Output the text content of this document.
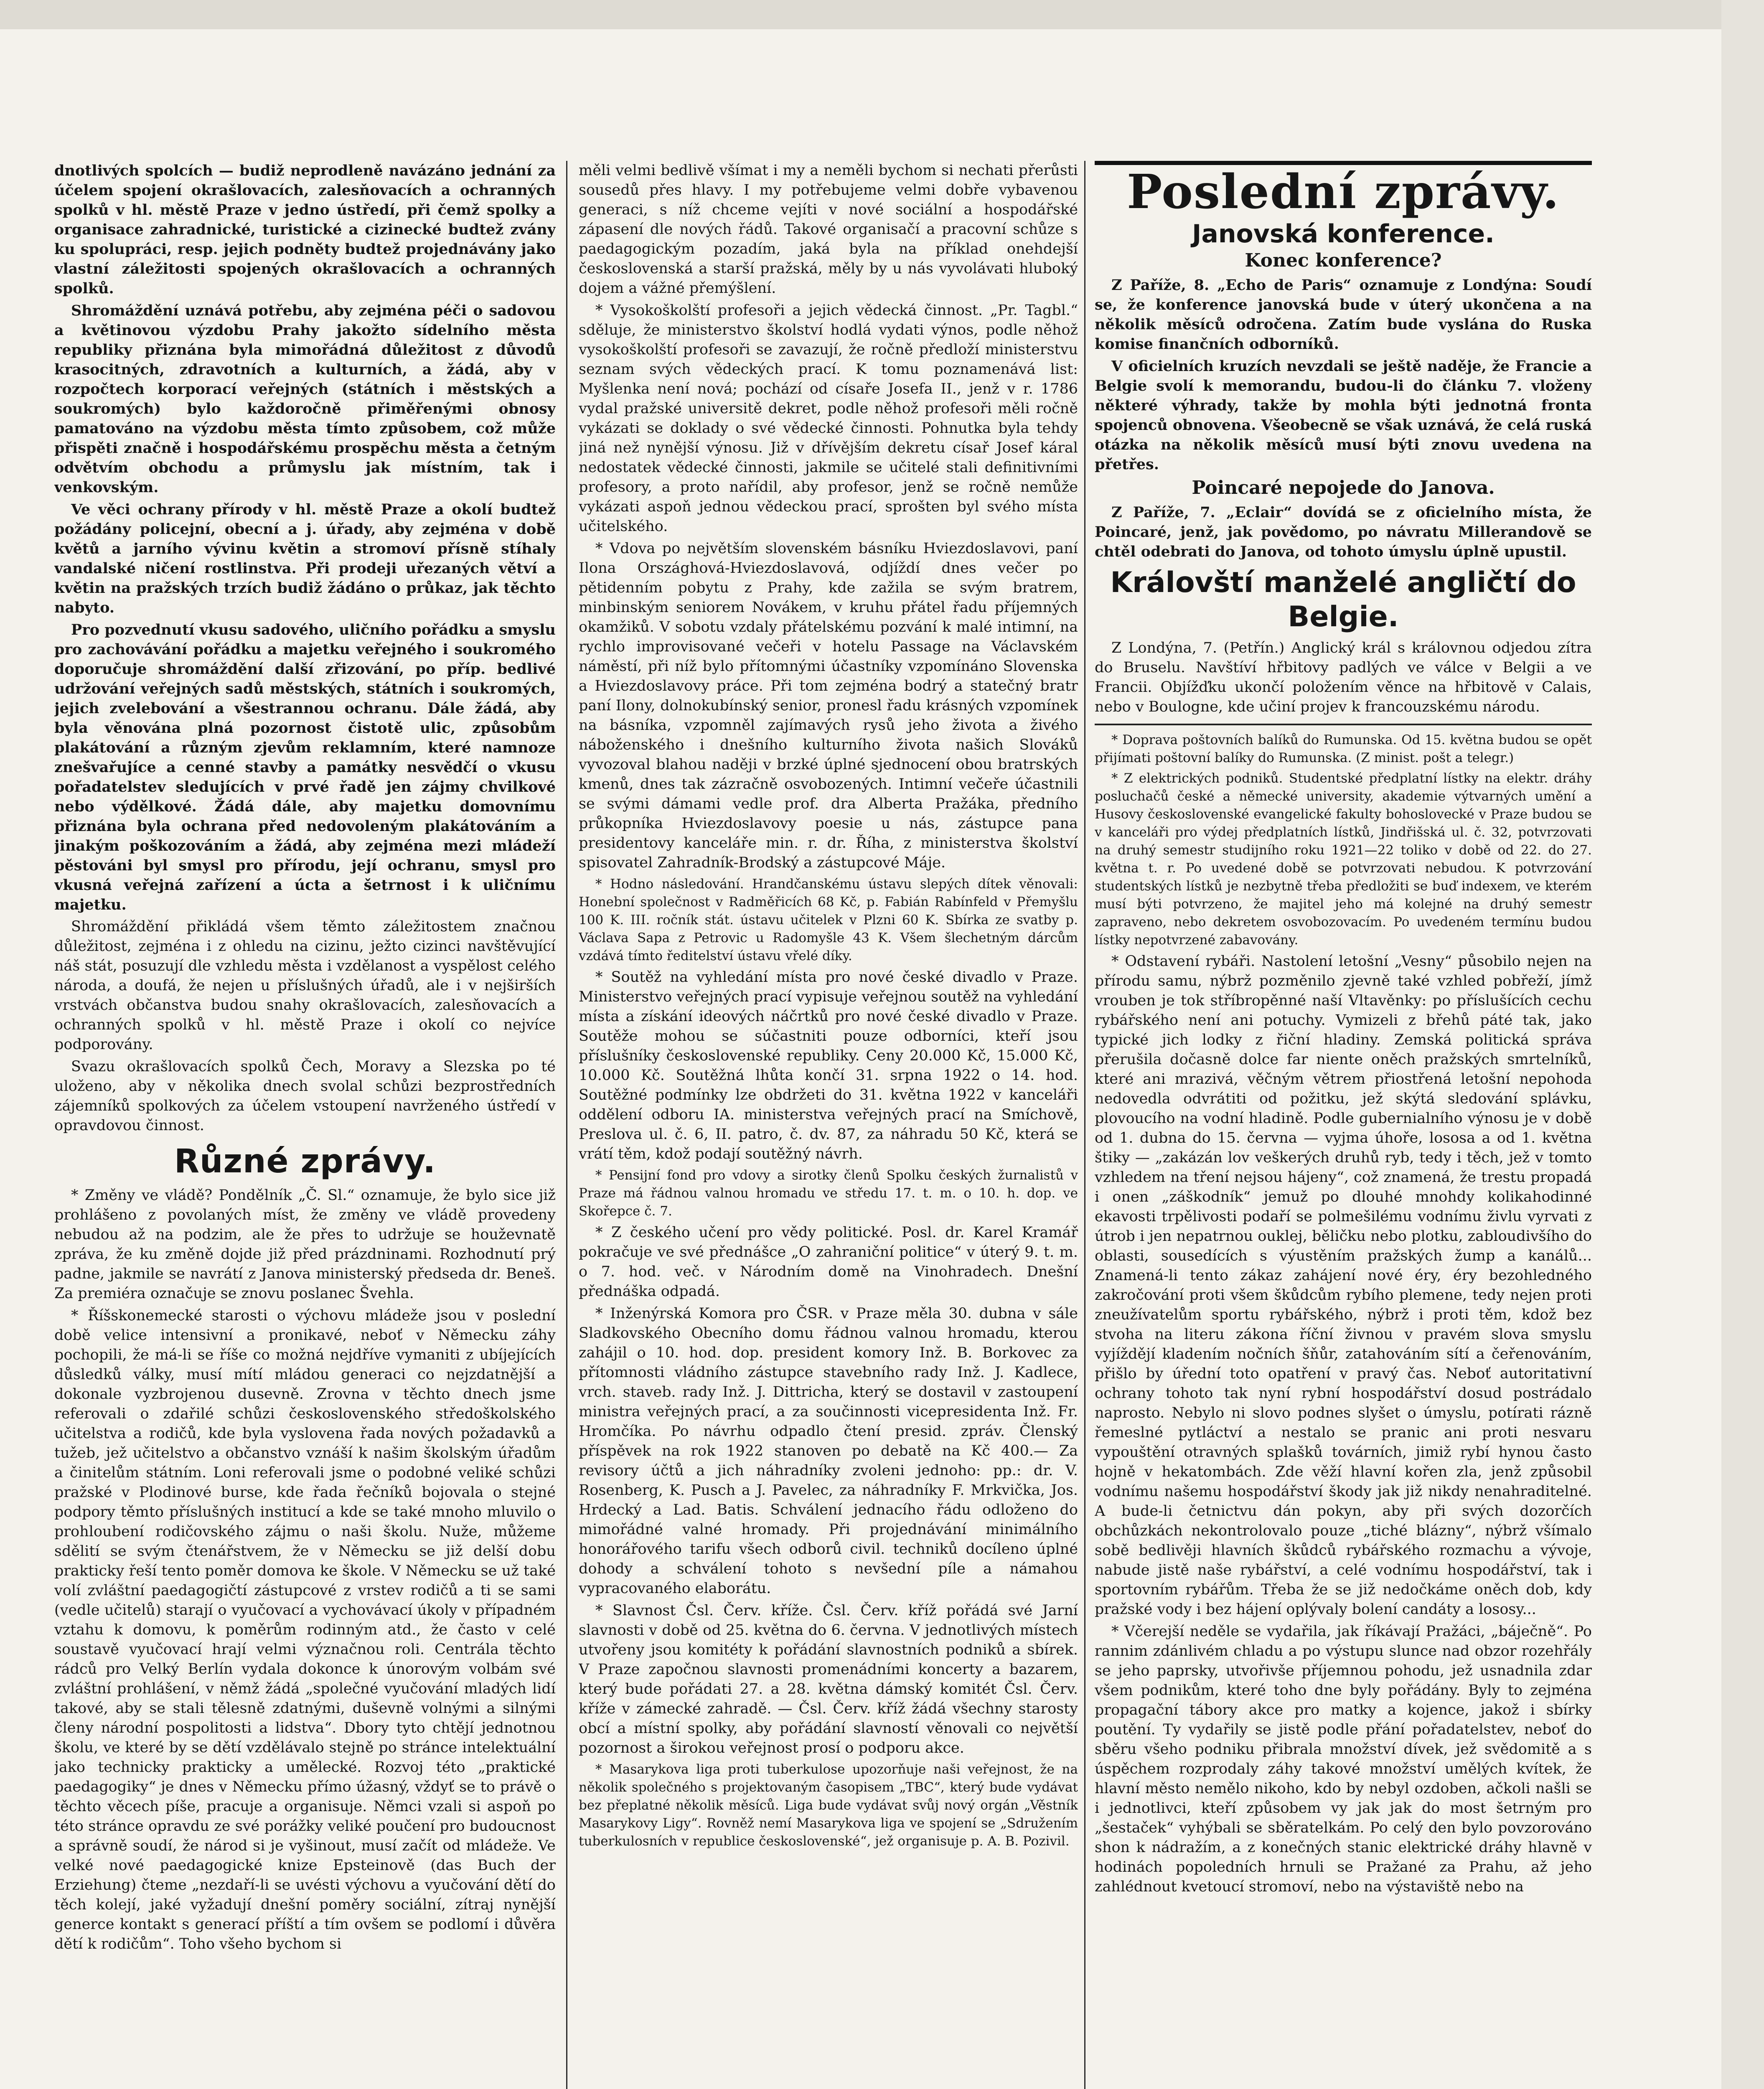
dnotlivých spolcích — budiž neprodleně navázáno jednání za účelem spojení okrašlovacích, zalesňovacích a ochranných spolků v hl. městě Praze v jedno ústředí, při čemž spolky a organisace zahradnické, turistické a cizinecké budtež zvány ku spolupráci, resp. jejich podněty budtež projednávány jako vlastní záležitosti spojených okrašlovacích a ochranných spolků.

Shromáždění uznává potřebu, aby zejména péči o sadovou a květinovou výzdobu Prahy jakožto sídelního města republiky přiznána byla mimořádná důležitost z důvodů krasocitných, zdravotních a kulturních, a žádá, aby v rozpočtech korporací veřejných (státních i městských a soukromých) bylo každoročně přiměřenými obnosy pamatováno na výzdobu města tímto způsobem, což může přispěti značně i hospodářskému prospěchu města a četným odvětvím obchodu a průmyslu jak místním, tak i venkovským.

Ve věci ochrany přírody v hl. městě Praze a okolí budtež požádány policejní, obecní a j. úřady, aby zejména v době květů a jarního vývinu květin a stromoví přísně stíhaly vandalské ničení rostlinstva. Při prodeji uřezaných větví a květin na pražských trzích budiž žádáno o průkaz, jak těchto nabyto.

Pro pozvednutí vkusu sadového, uličního pořádku a smyslu pro zachovávání pořádku a majetku veřejného i soukromého doporučuje shromáždění další zřizování, po příp. bedlivé udržování veřejných sadů městských, státních i soukromých, jejich zvelebování a všestrannou ochranu. Dále žádá, aby byla věnována plná pozornost čistotě ulic, způsobům plakátování a různým zjevům reklamním, které namnoze znešvařujíce a cenné stavby a památky nesvědčí o vkusu pořadatelstev sledujících v prvé řadě jen zájmy chvilkové nebo výdělkové. Žádá dále, aby majetku domovnímu přiznána byla ochrana před nedovoleným plakátováním a jinakým poškozováním a žádá, aby zejména mezi mládeží pěstováni byl smysl pro přírodu, její ochranu, smysl pro vkusná veřejná zařízení a úcta a šetrnost i k uličnímu majetku.

Shromáždění přikládá všem těmto záležitostem značnou důležitost, zejména i z ohledu na cizinu, ježto cizinci navštěvující náš stát, posuzují dle vzhledu města i vzdělanost a vyspělost celého národa, a doufá, že nejen u příslušných úřadů, ale i v nejširších vrstvách občanstva budou snahy okrašlovacích, zalesňovacích a ochranných spolků v hl. městě Praze i okolí co nejvíce podporovány.

Svazu okrašlovacích spolků Čech, Moravy a Slezska po té uloženo, aby v několika dnech svolal schůzi bezprostředních zájemníků spolkových za účelem vstoupení navrženého ústředí v opravdovou činnost.

Různé zprávy.

* Změny ve vládě? Pondělník „Č. Sl.“ oznamuje, že bylo sice již prohlášeno z povolaných míst, že změny ve vládě provedeny nebudou až na podzim, ale že přes to udržuje se houževnatě zpráva, že ku změně dojde již před prázdninami. Rozhodnutí prý padne, jakmile se navrátí z Janova ministerský předseda dr. Beneš. Za premiéra označuje se znovu poslanec Švehla.

* Říšskonemecké starosti o výchovu mládeže jsou v poslední době velice intensivní a pronikavé, neboť v Německu záhy pochopili, že má-li se říše co možná nejdříve vymaniti z ubíjejících důsledků války, musí mítí mládou generaci co nejzdatnější a dokonale vyzbrojenou dusevně. Zrovna v těchto dnech jsme referovali o zdařilé schůzi československého středoškolského učitelstva a rodičů, kde byla vyslovena řada nových požadavků a tužeb, jež učitelstvo a občanstvo vznáší k našim školským úřadům a činitelům státním. Loni referovali jsme o podobné veliké schůzi pražské v Plodinové burse, kde řada řečníků bojovala o stejné podpory těmto příslušných institucí a kde se také mnoho mluvilo o prohloubení rodičovského zájmu o naši školu. Nuže, můžeme sdělití se svým čtenářstvem, že v Německu se již delší dobu prakticky řeší tento poměr domova ke škole. V Německu se už také volí zvláštní paedagogičtí zástupcové z vrstev rodičů a ti se sami (vedle učitelů) starají o vyučovací a vychovávací úkoly v případném vztahu k domovu, k poměrům rodinným atd., že často v celé soustavě vyučovací hrají velmi význačnou roli. Centrála těchto rádců pro Velký Berlín vydala dokonce k únorovým volbám své zvláštní prohlášení, v němž žádá „společné vyučování mladých lidí takové, aby se stali tělesně zdatnými, duševně volnými a silnými členy národní pospolitosti a lidstva“. Dbory tyto chtějí jednotnou školu, ve které by se dětí vzdělávalo stejně po stránce intelektuální jako technicky prakticky a umělecké. Rozvoj této „praktické paedagogiky“ je dnes v Německu přímo úžasný, vždyť se to právě o těchto věcech píše, pracuje a organisuje. Němci vzali si aspoň po této stránce opravdu ze své porážky veliké poučení pro budoucnost a správně soudí, že národ si je vyšinout, musí začít od mládeže. Ve velké nové paedagogické knize Epsteinově (das Buch der Erziehung) čteme „nezdaří-li se uvésti výchovu a vyučování dětí do těch kolejí, jaké vyžadují dnešní poměry sociální, zítraj nynější generce kontakt s generací příští a tím ovšem se podlomí i důvěra dětí k rodičům“. Toho všeho bychom si

měli velmi bedlivě všímat i my a neměli bychom si nechati přerůsti sousedů přes hlavy. I my potřebujeme velmi dobře vybavenou generaci, s níž chceme vejíti v nové sociální a hospodářské zápasení dle nových řádů. Takové organisačí a pracovní schůze s paedagogickým pozadím, jaká byla na příklad onehdejší československá a starší pražská, měly by u nás vyvolávati hluboký dojem a vážné přemýšlení.

* Vysokoškolští profesoři a jejich vědecká činnost. „Pr. Tagbl.“ sděluje, že ministerstvo školství hodlá vydati výnos, podle něhož vysokoškolští profesoři se zavazují, že ročně předloží ministerstvu seznam svých vědeckých prací. K tomu poznamenává list: Myšlenka není nová; pochází od císaře Josefa II., jenž v r. 1786 vydal pražské universitě dekret, podle něhož profesoři měli ročně vykázati se doklady o své vědecké činnosti. Pohnutka byla tehdy jiná než nynější výnosu. Již v dřívějším dekretu císař Josef káral nedostatek vědecké činnosti, jakmile se učitelé stali definitivními profesory, a proto nařídil, aby profesor, jenž se ročně nemůže vykázati aspoň jednou vědeckou prací, sprošten byl svého místa učitelského.

* Vdova po největším slovenském básníku Hviezdoslavovi, paní Ilona Országhová-Hviezdoslavová, odjíždí dnes večer po pětidenním pobytu z Prahy, kde zažila se svým bratrem, minbinským seniorem Novákem, v kruhu přátel řadu příjemných okamžiků. V sobotu vzdaly přátelskému pozvání k malé intimní, na rychlo improvisované večeři v hotelu Passage na Václavském náměstí, při níž bylo přítomnými účastníky vzpomínáno Slovenska a Hviezdoslavovy práce. Při tom zejména bodrý a statečný bratr paní Ilony, dolnokubínský senior, pronesl řadu krásných vzpomínek na básníka, vzpomněl zajímavých rysů jeho života a živého náboženského i dnešního kulturního života našich Slováků vyvozoval blahou naději v brzké úplné sjednocení obou bratrských kmenů, dnes tak zázračně osvobozených. Intimní večeře účastnili se svými dámami vedle prof. dra Alberta Pražáka, předního průkopníka Hviezdoslavovy poesie u nás, zástupce pana presidentovy kanceláře min. r. dr. Říha, z ministerstva školství spisovatel Zahradník-Brodský a zástupcové Máje.

* Hodno následování. Hrandčanskému ústavu slepých dítek věnovali: Honební společnost v Radměřicích 68 Kč, p. Fabián Rabínfeld v Přemyšlu 100 K. III. ročník stát. ústavu učitelek v Plzni 60 K. Sbírka ze svatby p. Václava Sapa z Petrovic u Radomyšle 43 K. Všem šlechetným dárcům vzdává tímto ředitelství ústavu vřelé díky.

* Soutěž na vyhledání místa pro nové české divadlo v Praze. Ministerstvo veřejných prací vypisuje veřejnou soutěž na vyhledání místa a získání ideových náčrtků pro nové české divadlo v Praze. Soutěže mohou se súčastniti pouze odborníci, kteří jsou příslušníky československé republiky. Ceny 20.000 Kč, 15.000 Kč, 10.000 Kč. Soutěžná lhůta končí 31. srpna 1922 o 14. hod. Soutěžné podmínky lze obdržeti do 31. května 1922 v kanceláři oddělení odboru IA. ministerstva veřejných prací na Smíchově, Preslova ul. č. 6, II. patro, č. dv. 87, za náhradu 50 Kč, která se vrátí těm, kdož podají soutěžný návrh.

* Pensijní fond pro vdovy a sirotky členů Spolku českých žurnalistů v Praze má řádnou valnou hromadu ve středu 17. t. m. o 10. h. dop. ve Skořepce č. 7.

* Z českého učení pro vědy politické. Posl. dr. Karel Kramář pokračuje ve své přednášce „O zahraniční politice“ v úterý 9. t. m. o 7. hod. več. v Národním domě na Vinohradech. Dnešní přednáška odpadá.

* Inženýrská Komora pro ČSR. v Praze měla 30. dubna v sále Sladkovského Obecního domu řádnou valnou hromadu, kterou zahájil o 10. hod. dop. president komory Inž. B. Borkovec za přítomnosti vládního zástupce stavebního rady Inž. J. Kadlece, vrch. staveb. rady Inž. J. Dittricha, který se dostavil v zastoupení ministra veřejných prací, a za součinnosti vicepresidenta Inž. Fr. Hromčíka. Po návrhu odpadlo čtení presid. zpráv. Členský příspěvek na rok 1922 stanoven po debatě na Kč 400.— Za revisory účtů a jich náhradníky zvoleni jednoho: pp.: dr. V. Rosenberg, K. Pusch a J. Pavelec, za náhradníky F. Mrkvička, Jos. Hrdecký a Lad. Batis. Schválení jednacího řádu odloženo do mimořádné valné hromady. Při projednávání minimálního honorářového tarifu všech odborů civil. techniků docíleno úplné dohody a schválení tohoto s nevšední píle a námahou vypracovaného elaborátu.

* Slavnost Čsl. Červ. kříže. Čsl. Červ. kříž pořádá své Jarní slavnosti v době od 25. května do 6. června. V jednotlivých místech utvořeny jsou komitéty k pořádání slavnostních podniků a sbírek. V Praze započnou slavnosti promenádními koncerty a bazarem, který bude pořádati 27. a 28. května dámský komitét Čsl. Červ. kříže v zámecké zahradě. — Čsl. Červ. kříž žádá všechny starosty obcí a místní spolky, aby pořádání slavností věnovali co největší pozornost a širokou veřejnost prosí o podporu akce.

* Masarykova liga proti tuberkulose upozorňuje naši veřejnost, že na několik společného s projektovaným časopisem „TBC“, který bude vydávat bez přeplatné několik měsíců. Liga bude vydávat svůj nový orgán „Věstník Masarykovy Ligy“. Rovněž nemí Masarykova liga ve spojení se „Sdružením tuberkulosních v republice československé“, jež organisuje p. A. B. Pozivil.

Poslední zprávy.
Janovská konference.
Konec konference?

Z Paříže, 8. „Echo de Paris“ oznamuje z Londýna: Soudí se, že konference janovská bude v úterý ukončena a na několik měsíců odročena. Zatím bude vyslána do Ruska komise finančních odborníků.

V oficielních kruzích nevzdali se ještě naděje, že Francie a Belgie svolí k memorandu, budou-li do článku 7. vloženy některé výhrady, takže by mohla býti jednotná fronta spojenců obnovena. Všeobecně se však uznává, že celá ruská otázka na několik měsíců musí býti znovu uvedena na přetřes.

Poincaré nepojede do Janova.

Z Paříže, 7. „Eclair“ dovídá se z oficielního místa, že Poincaré, jenž, jak povědomo, po návratu Millerandově se chtěl odebrati do Janova, od tohoto úmyslu úplně upustil.

Královští manželé angličtí do Belgie.

Z Londýna, 7. (Petřín.) Anglický král s královnou odjedou zítra do Bruselu. Navštíví hřbitovy padlých ve válce v Belgii a ve Francii. Objížďku ukončí položením věnce na hřbitově v Calais, nebo v Boulogne, kde učiní projev k francouzskému národu.

* Doprava poštovních balíků do Rumunska. Od 15. května budou se opět přijímati poštovní balíky do Rumunska. (Z minist. pošt a telegr.)

* Z elektrických podniků. Studentské předplatní lístky na elektr. dráhy posluchačů české a německé university, akademie výtvarných umění a Husovy československé evangelické fakulty bohoslovecké v Praze budou se v kanceláři pro výdej předplatních lístků, Jindřišská ul. č. 32, potvrzovati na druhý semestr studijního roku 1921—22 toliko v době od 22. do 27. května t. r. Po uvedené době se potvrzovati nebudou. K potvrzování studentských lístků je nezbytně třeba předložiti se buď indexem, ve kterém musí býti potvrzeno, že majitel jeho má kolejné na druhý semestr zapraveno, nebo dekretem osvobozovacím. Po uvedeném termínu budou lístky nepotvrzené zabavovány.

* Odstavení rybáři. Nastolení letošní „Vesny“ působilo nejen na přírodu samu, nýbrž pozměnilo zjevně také vzhled pobřeží, jímž vrouben je tok stříbropěnné naší Vltavěnky: po příslušících cechu rybářského není ani potuchy. Vymizeli z břehů páté tak, jako typické jich lodky z řiční hladiny. Zemská politická správa přerušila dočasně dolce far niente oněch pražských smrtelníků, které ani mrazivá, věčným větrem přiostřená letošní nepohoda nedovedla odvrátiti od požitku, jež skýtá sledování splávku, plovoucího na vodní hladině. Podle gubernialního výnosu je v době od 1. dubna do 15. června — vyjma úhoře, lososa a od 1. května štiky — „zakázán lov veškerých druhů ryb, tedy i těch, jež v tomto vzhledem na tření nejsou hájeny“, což znamená, že trestu propadá i onen „záškodník“ jemuž po dlouhé mnohdy kolikahodinné ekavosti trpělivosti podaří se polmešilému vodnímu živlu vyrvati z útrob i jen nepatrnou ouklej, běličku nebo plotku, zabloudivšího do oblasti, sousedících s výustěním pražských žump a kanálů... Znamená-li tento zákaz zahájení nové éry, éry bezohledného zakročování proti všem škůdcům rybího plemene, tedy nejen proti zneužívatelům sportu rybářského, nýbrž i proti těm, kdož bez stvoha na literu zákona říční živnou v pravém slova smyslu vyjíždějí kladením nočních šňůr, zatahováním sítí a čeřenováním, přišlo by úřední toto opatření v pravý čas. Neboť autoritativní ochrany tohoto tak nyní rybní hospodářství dosud postrádalo naprosto. Nebylo ni slovo podnes slyšet o úmyslu, potírati rázně řemeslné pytláctví a nestalo se pranic ani proti nesvaru vypouštění otravných splašků továrních, jimiž rybí hynou často hojně v hekatombách. Zde věží hlavní kořen zla, jenž způsobil vodnímu našemu hospodářství škody jak již nikdy nenahraditelné. A bude-li četnictvu dán pokyn, aby při svých dozorčích obchůzkách nekontrolovalo pouze „tiché blázny“, nýbrž všímalo sobě bedlivěji hlavních škůdců rybářského rozmachu a vývoje, nabude jistě naše rybářství, a celé vodnímu hospodářství, tak i sportovním rybářům. Třeba že se již nedočkáme oněch dob, kdy pražské vody i bez hájení oplývaly bolení candáty a lososy...

* Včerejší neděle se vydařila, jak říkávají Pražáci, „báječně“. Po rannim zdánlivém chladu a po výstupu slunce nad obzor rozehřály se jeho paprsky, utvořivše příjemnou pohodu, jež usnadnila zdar všem podnikům, které toho dne byly pořádány. Byly to zejména propagační tábory akce pro matky a kojence, jakož i sbírky poutění. Ty vydařily se jistě podle přání pořadatelstev, neboť do sběru všeho podniku přibrala množství dívek, jež svědomitě a s úspěchem rozprodaly záhy takové množství umělých kvítek, že hlavní město nemělo nikoho, kdo by nebyl ozdoben, ačkoli našli se i jednotlivci, kteří způsobem vy jak jak do most šetrným pro „šestaček“ vyhýbali se sběratelkám. Po celý den bylo povzorováno shon k nádražím, a z konečných stanic elektrické dráhy hlavně v hodinách popoledních hrnuli se Pražané za Prahu, až jeho zahlédnout kvetoucí stromoví, nebo na výstaviště nebo na
